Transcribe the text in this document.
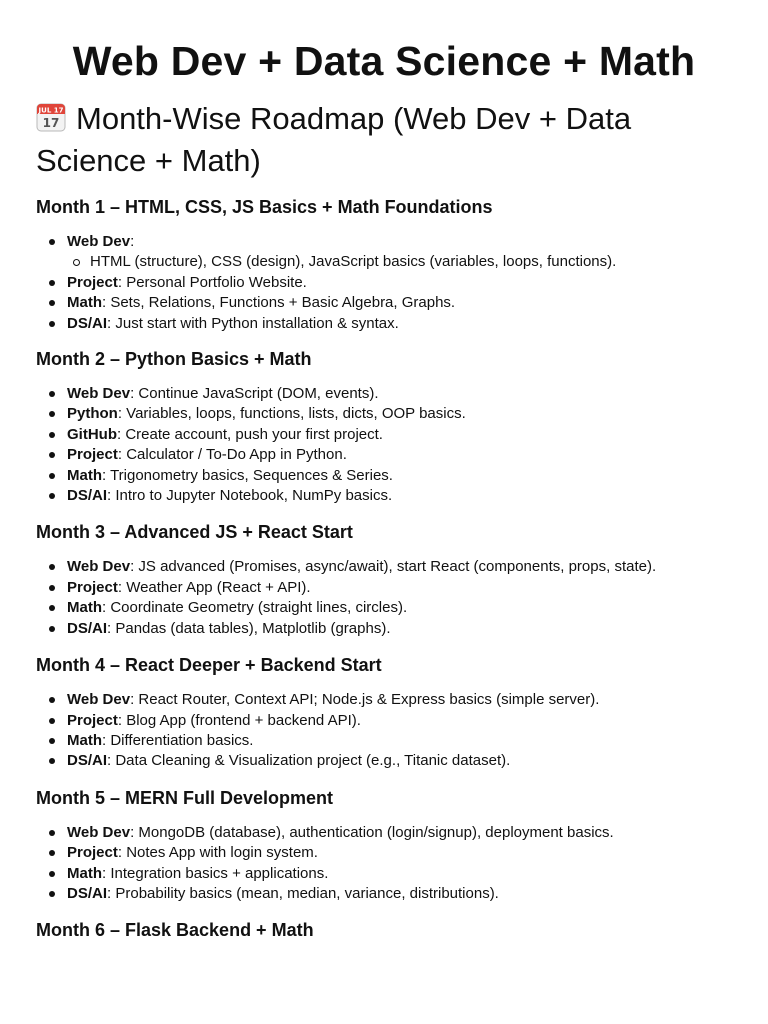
Web Dev + Data Science + Math
JUL 17
17 Month-Wise Roadmap (Web Dev + Data Science + Math)
Month 1 – HTML, CSS, JS Basics + Math Foundations
Web Dev:
HTML (structure), CSS (design), JavaScript basics (variables, loops, functions).
Project: Personal Portfolio Website.
Math: Sets, Relations, Functions + Basic Algebra, Graphs.
DS/AI: Just start with Python installation & syntax.
Month 2 – Python Basics + Math
Web Dev: Continue JavaScript (DOM, events).
Python: Variables, loops, functions, lists, dicts, OOP basics.
GitHub: Create account, push your first project.
Project: Calculator / To-Do App in Python.
Math: Trigonometry basics, Sequences & Series.
DS/AI: Intro to Jupyter Notebook, NumPy basics.
Month 3 – Advanced JS + React Start
Web Dev: JS advanced (Promises, async/await), start React (components, props, state).
Project: Weather App (React + API).
Math: Coordinate Geometry (straight lines, circles).
DS/AI: Pandas (data tables), Matplotlib (graphs).
Month 4 – React Deeper + Backend Start
Web Dev: React Router, Context API; Node.js & Express basics (simple server).
Project: Blog App (frontend + backend API).
Math: Differentiation basics.
DS/AI: Data Cleaning & Visualization project (e.g., Titanic dataset).
Month 5 – MERN Full Development
Web Dev: MongoDB (database), authentication (login/signup), deployment basics.
Project: Notes App with login system.
Math: Integration basics + applications.
DS/AI: Probability basics (mean, median, variance, distributions).
Month 6 – Flask Backend + Math
